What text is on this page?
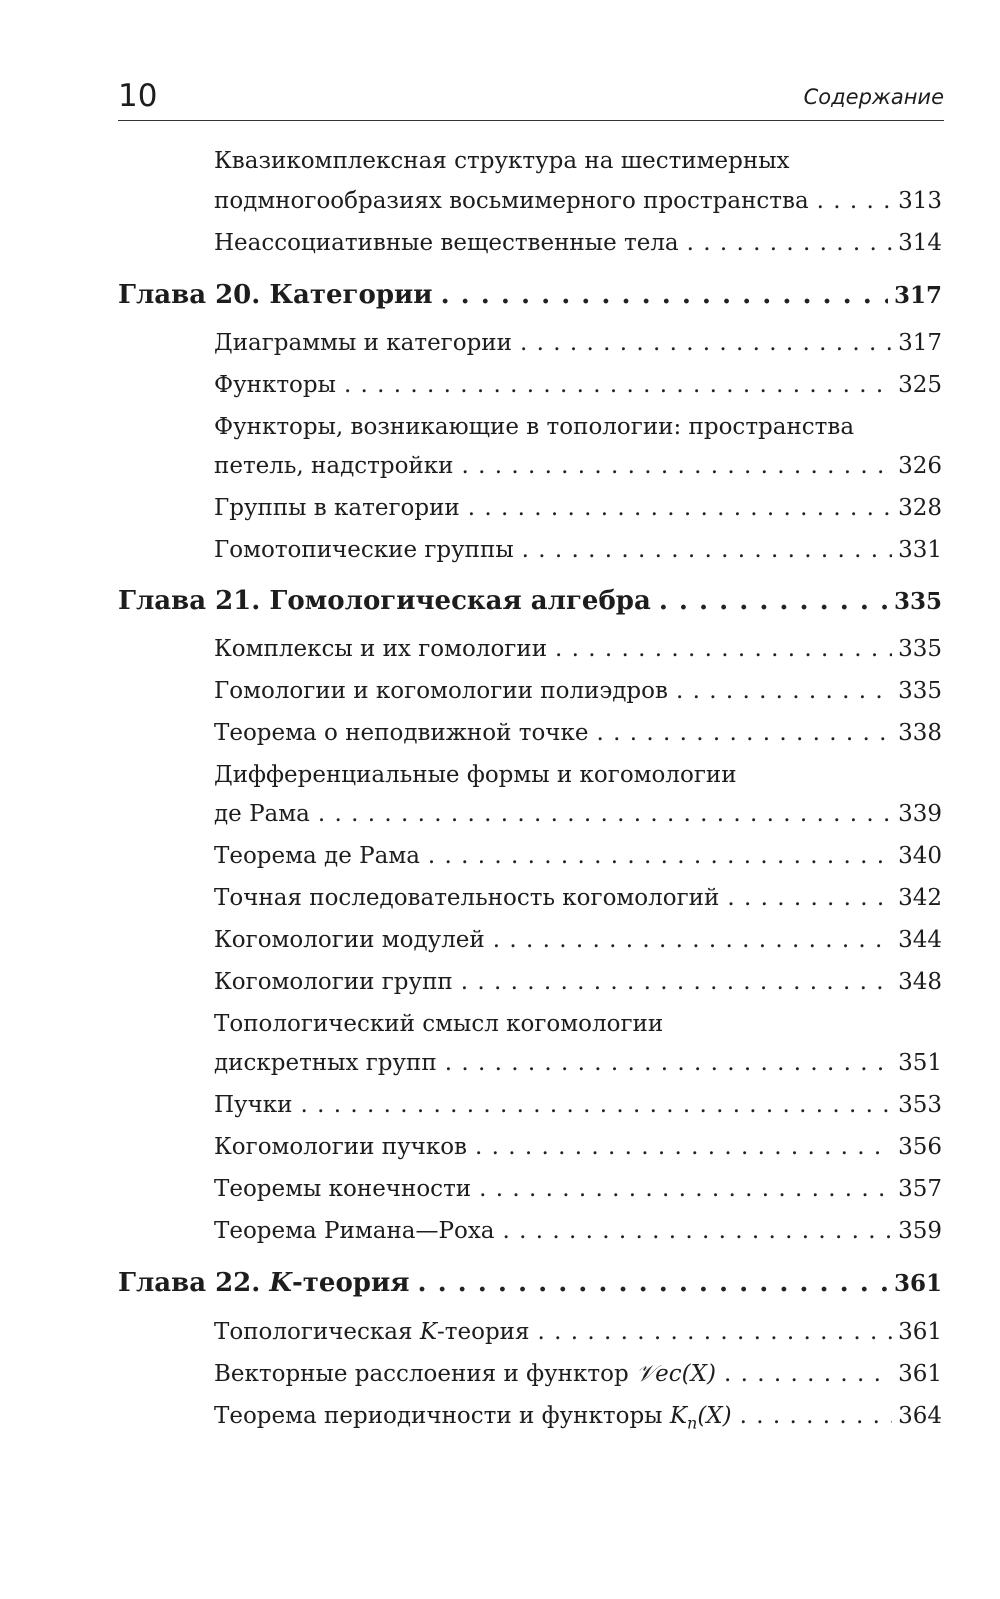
10	Содержание
Квазикомплексная структура на шестимерных
подмногообразиях восьмимерного пространства . . .	313
Неассоциативные вещественные тела . . .	314
Глава 20. Категории . . .	317
Диаграммы и категории . . .	317
Функторы . . .	325
Функторы, возникающие в топологии: пространства
петель, надстройки . . .	326
Группы в категории . . .	328
Гомотопические группы . . .	331
Глава 21. Гомологическая алгебра . . .	335
Комплексы и их гомологии . . .	335
Гомологии и когомологии полиэдров . . .	335
Теорема о неподвижной точке . . .	338
Дифференциальные формы и когомологии
де Рама . . .	339
Теорема де Рама . . .	340
Точная последовательность когомологий . . .	342
Когомологии модулей . . .	344
Когомологии групп . . .	348
Топологический смысл когомологии
дискретных групп . . .	351
Пучки . . .	353
Когомологии пучков . . .	356
Теоремы конечности . . .	357
Теорема Римана—Роха . . .	359
Глава 22. K-теория . . .	361
Топологическая K-теория . . .	361
Векторные расслоения и функтор 𝒱ec(X) . . .	361
Теорема периодичности и функторы $K_n(X)$ . . .	364
